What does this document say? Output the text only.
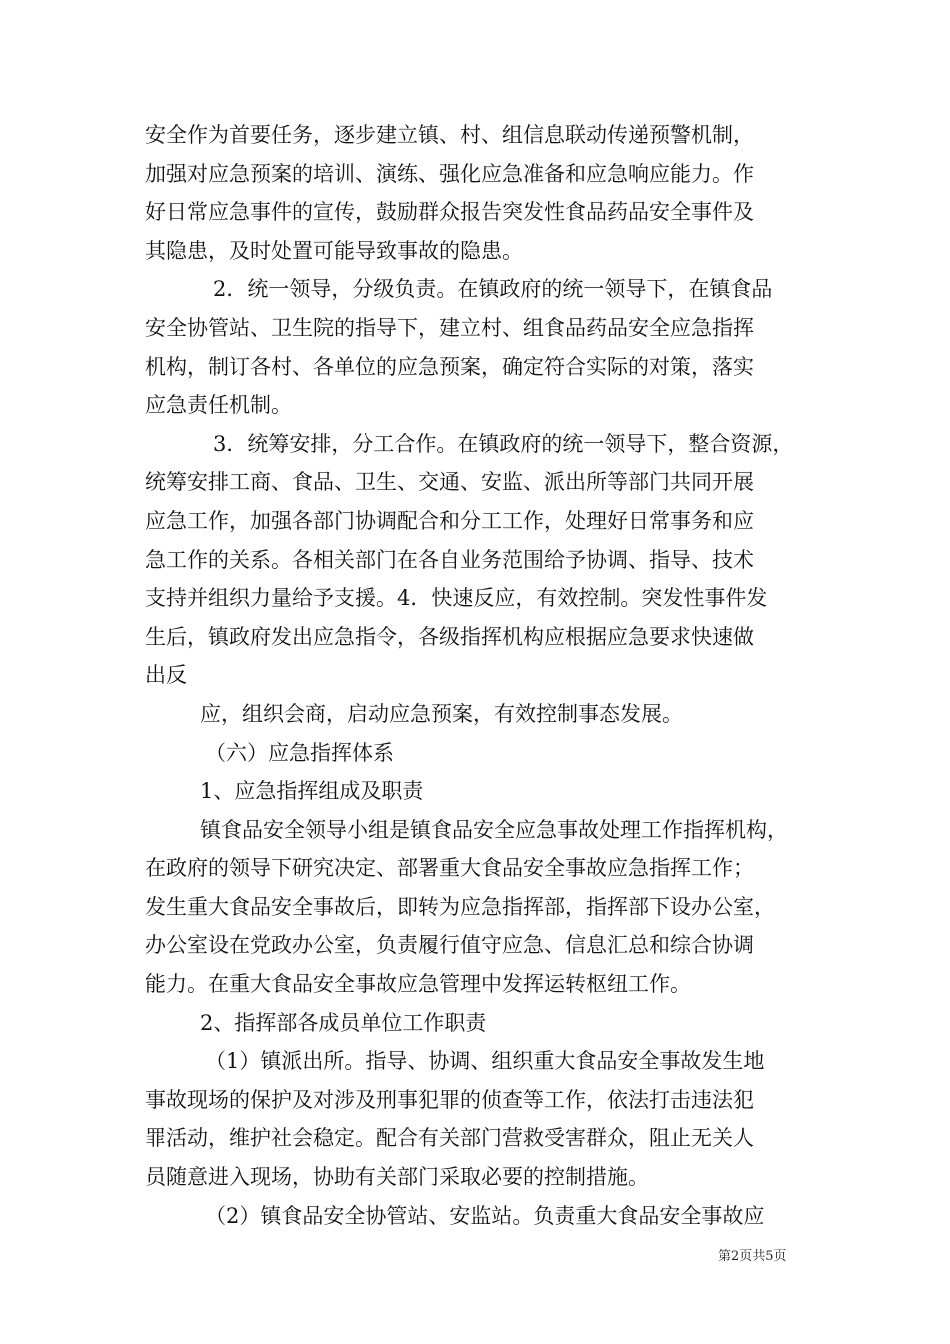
安全作为首要任务，逐步建立镇、村、组信息联动传递预警机制，

加强对应急预案的培训、演练、强化应急准备和应急响应能力。作

好日常应急事件的宣传，鼓励群众报告突发性食品药品安全事件及

其隐患，及时处置可能导致事故的隐患。

2．统一领导，分级负责。在镇政府的统一领导下，在镇食品

安全协管站、卫生院的指导下，建立村、组食品药品安全应急指挥

机构，制订各村、各单位的应急预案，确定符合实际的对策，落实

应急责任机制。

3．统筹安排，分工合作。在镇政府的统一领导下，整合资源，

统筹安排工商、食品、卫生、交通、安监、派出所等部门共同开展

应急工作，加强各部门协调配合和分工工作，处理好日常事务和应

急工作的关系。各相关部门在各自业务范围给予协调、指导、技术

支持并组织力量给予支援。4．快速反应，有效控制。突发性事件发

生后，镇政府发出应急指令，各级指挥机构应根据应急要求快速做

出反

应，组织会商，启动应急预案，有效控制事态发展。

（六）应急指挥体系

1、应急指挥组成及职责

镇食品安全领导小组是镇食品安全应急事故处理工作指挥机构，

在政府的领导下研究决定、部署重大食品安全事故应急指挥工作；

发生重大食品安全事故后，即转为应急指挥部，指挥部下设办公室，

办公室设在党政办公室，负责履行值守应急、信息汇总和综合协调

能力。在重大食品安全事故应急管理中发挥运转枢纽工作。

2、指挥部各成员单位工作职责

（1）镇派出所。指导、协调、组织重大食品安全事故发生地

事故现场的保护及对涉及刑事犯罪的侦查等工作，依法打击违法犯

罪活动，维护社会稳定。配合有关部门营救受害群众，阻止无关人

员随意进入现场，协助有关部门采取必要的控制措施。

（2）镇食品安全协管站、安监站。负责重大食品安全事故应

第2页共5页
